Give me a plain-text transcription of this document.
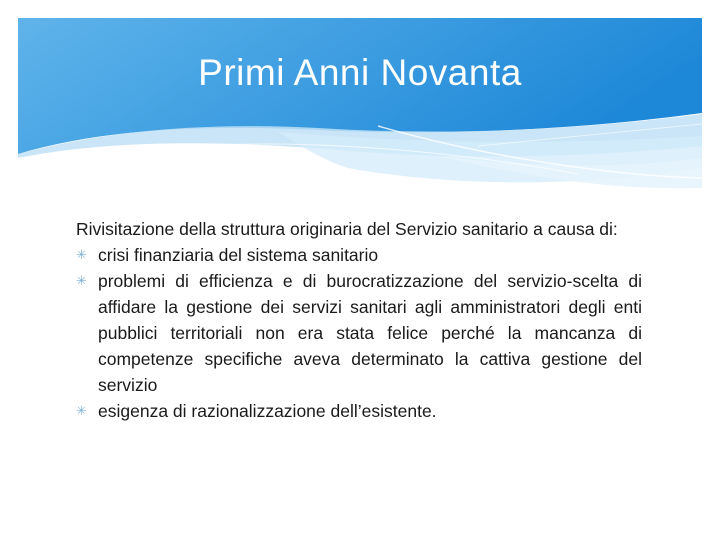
Primi Anni Novanta

Rivisitazione della struttura originaria del Servizio sanitario a causa di:

✳ crisi finanziaria del sistema sanitario
✳ problemi di efficienza e di burocratizzazione del servizio-scelta di affidare la gestione dei servizi sanitari agli amministratori degli enti pubblici territoriali non era stata felice perché la mancanza di competenze specifiche aveva determinato la cattiva gestione del servizio
✳ esigenza di razionalizzazione dell’esistente.
